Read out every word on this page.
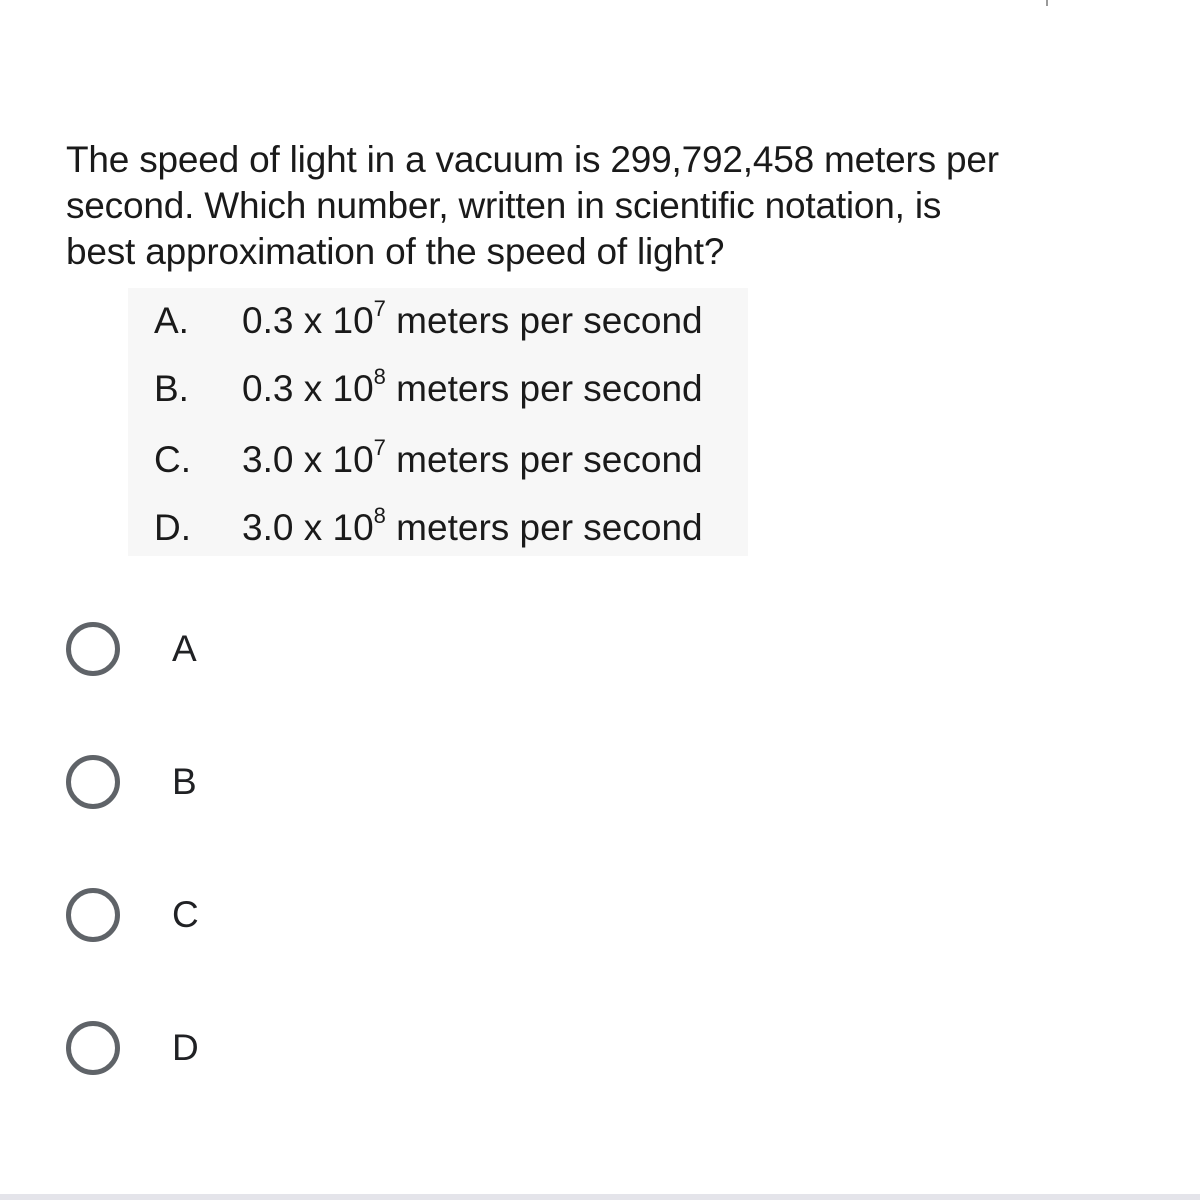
The speed of light in a vacuum is 299,792,458 meters per
second. Which number, written in scientific notation, is
best approximation of the speed of light?
A. 0.3 x $10^7$ meters per second
B. 0.3 x $10^8$ meters per second
C. 3.0 x $10^7$ meters per second
D. 3.0 x $10^8$ meters per second
A
B
C
D
